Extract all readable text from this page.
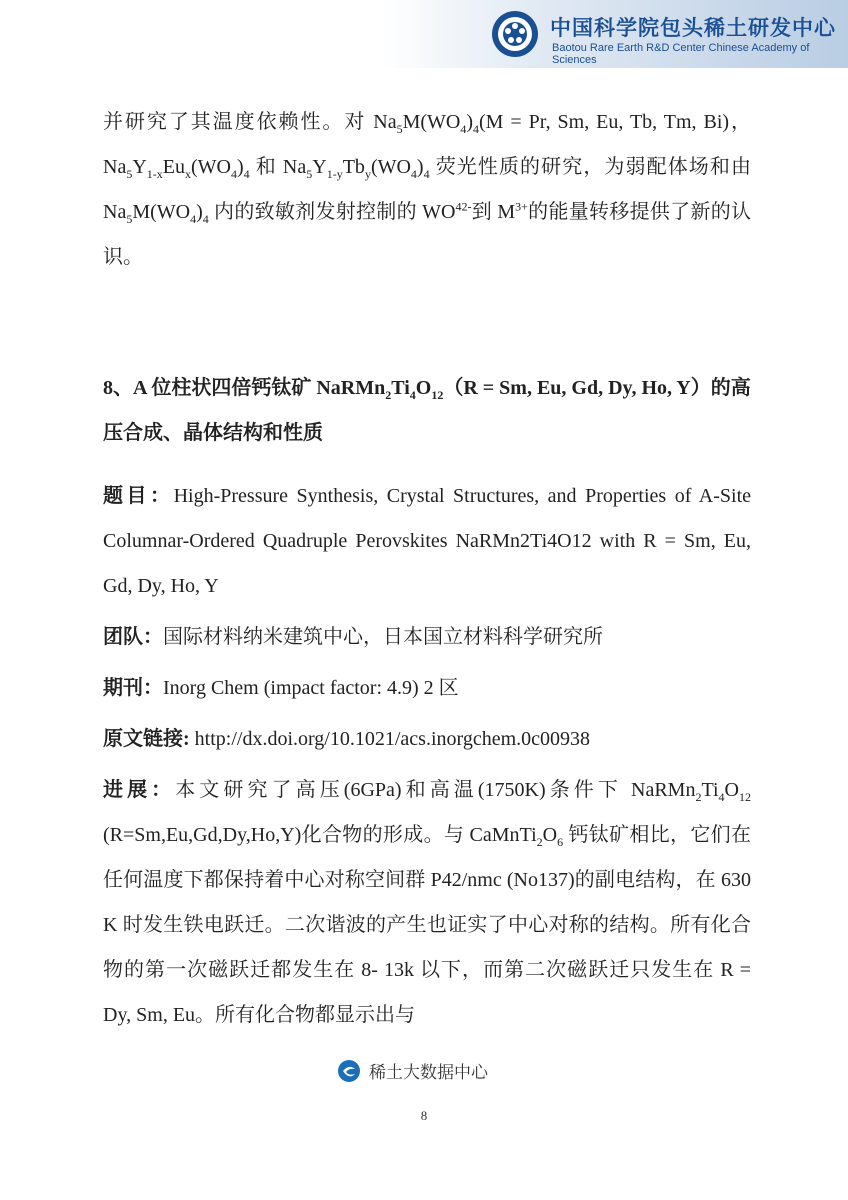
中国科学院包头稀土研发中心
Baotou Rare Earth R&D Center Chinese Academy of Sciences

并研究了其温度依赖性。对 $Na_5M(WO_4)_4(M = Pr$, Sm, Eu, Tb, Tm, Bi)，$Na_5Y_{1-x}Eu_x(WO_4)_4$ 和 $Na_5Y_{1-y}Tb_y(WO_4)_4$ 荧光性质的研究，为弱配体场和由 $Na_5M(WO_4)_4$ 内的致敏剂发射控制的 $WO^{42-}$到 $M^{3+}$的能量转移提供了新的认识。

8、A 位柱状四倍钙钛矿 $NaRMn_2Ti_4O_{12}(R = Sm$, Eu, Gd, Dy, Ho, Y）的高压合成、晶体结构和性质

题目：High-Pressure Synthesis, Crystal Structures, and Properties of A-Site Columnar-Ordered Quadruple Perovskites NaRMn2Ti4O12 with R = Sm, Eu, Gd, Dy, Ho, Y

团队：国际材料纳米建筑中心，日本国立材料科学研究所

期刊：Inorg Chem (impact factor: 4.9) 2 区

原文链接: http://dx.doi.org/10.1021/acs.inorgchem.0c00938

进展：本文研究了高压(6GPa)和高温(1750K)条件下 $NaRMn_2Ti_4O_{12}$ (R=Sm,Eu,Gd,Dy,Ho,Y)化合物的形成。与 $CaMnTi_2O_6$ 钙钛矿相比，它们在任何温度下都保持着中心对称空间群 P42/nmc (No137)的副电结构，在 630 K 时发生铁电跃迁。二次谐波的产生也证实了中心对称的结构。所有化合物的第一次磁跃迁都发生在 8- 13k 以下，而第二次磁跃迁只发生在 R = Dy, Sm, Eu。所有化合物都显示出与

稀土大数据中心
8
